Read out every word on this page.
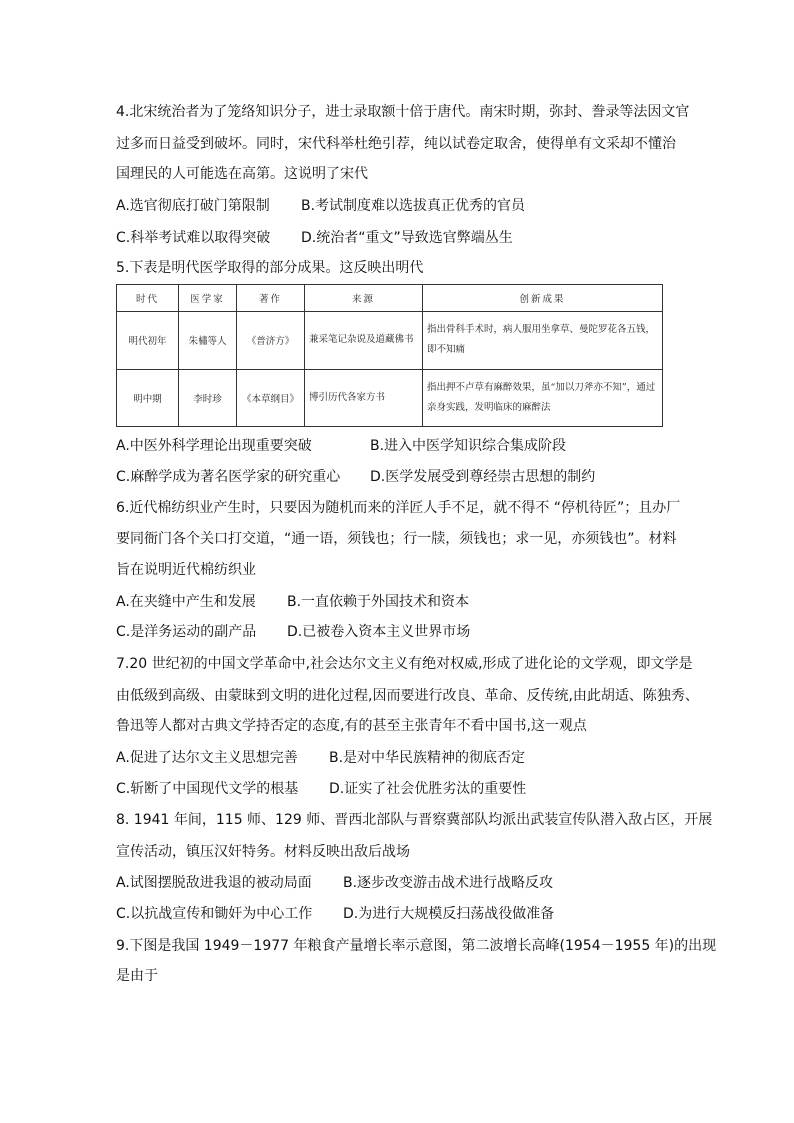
4.北宋统治者为了笼络知识分子，进士录取额十倍于唐代。南宋时期，弥封、誊录等法因文官
过多而日益受到破坏。同时，宋代科举杜绝引荐，纯以试卷定取舍，使得单有文采却不懂治
国理民的人可能选在高第。这说明了宋代
A.选官彻底打破门第限制 B.考试制度难以选拔真正优秀的官员
C.科举考试难以取得突破 D.统治者“重文”导致选官弊端丛生
5.下表是明代医学取得的部分成果。这反映出明代
时代	医学家	著作	来源	创新成果
明代初年	朱橚等人	《普济方》	兼采笔记杂说及道藏佛书	指出骨科手术时，病人服用坐拿草、曼陀罗花各五钱，即不知痛
明中期	李时珍	《本草纲目》	博引历代各家方书	指出押不卢草有麻醉效果，虽“加以刀斧亦不知”，通过亲身实践，发明临床的麻醉法
A.中医外科学理论出现重要突破	B.进入中医学知识综合集成阶段
C.麻醉学成为著名医学家的研究重心 D.医学发展受到尊经崇古思想的制约
6.近代棉纺织业产生时，只要因为随机而来的洋匠人手不足，就不得不 “停机待匠”；且办厂
要同衙门各个关口打交道，“通一语，须钱也；行一牍，须钱也；求一见，亦须钱也”。材料
旨在说明近代棉纺织业
A.在夹缝中产生和发展 B.一直依赖于外国技术和资本
C.是洋务运动的副产品 D.已被卷入资本主义世界市场
7.20 世纪初的中国文学革命中,社会达尔文主义有绝对权威,形成了进化论的文学观，即文学是
由低级到高级、由蒙昧到文明的进化过程,因而要进行改良、革命、反传统,由此胡适、陈独秀、
鲁迅等人都对古典文学持否定的态度,有的甚至主张青年不看中国书,这一观点
A.促进了达尔文主义思想完善 B.是对中华民族精神的彻底否定
C.斩断了中国现代文学的根基 D.证实了社会优胜劣汰的重要性
8. 1941 年间，115 师、129 师、晋西北部队与晋察冀部队均派出武装宣传队潜入敌占区，开展
宣传活动，镇压汉奸特务。材料反映出敌后战场
A.试图摆脱敌进我退的被动局面 B.逐步改变游击战术进行战略反攻
C.以抗战宣传和锄奸为中心工作 D.为进行大规模反扫荡战役做准备
9.下图是我国 1949－1977 年粮食产量增长率示意图，第二波增长高峰(1954－1955 年)的出现
是由于
